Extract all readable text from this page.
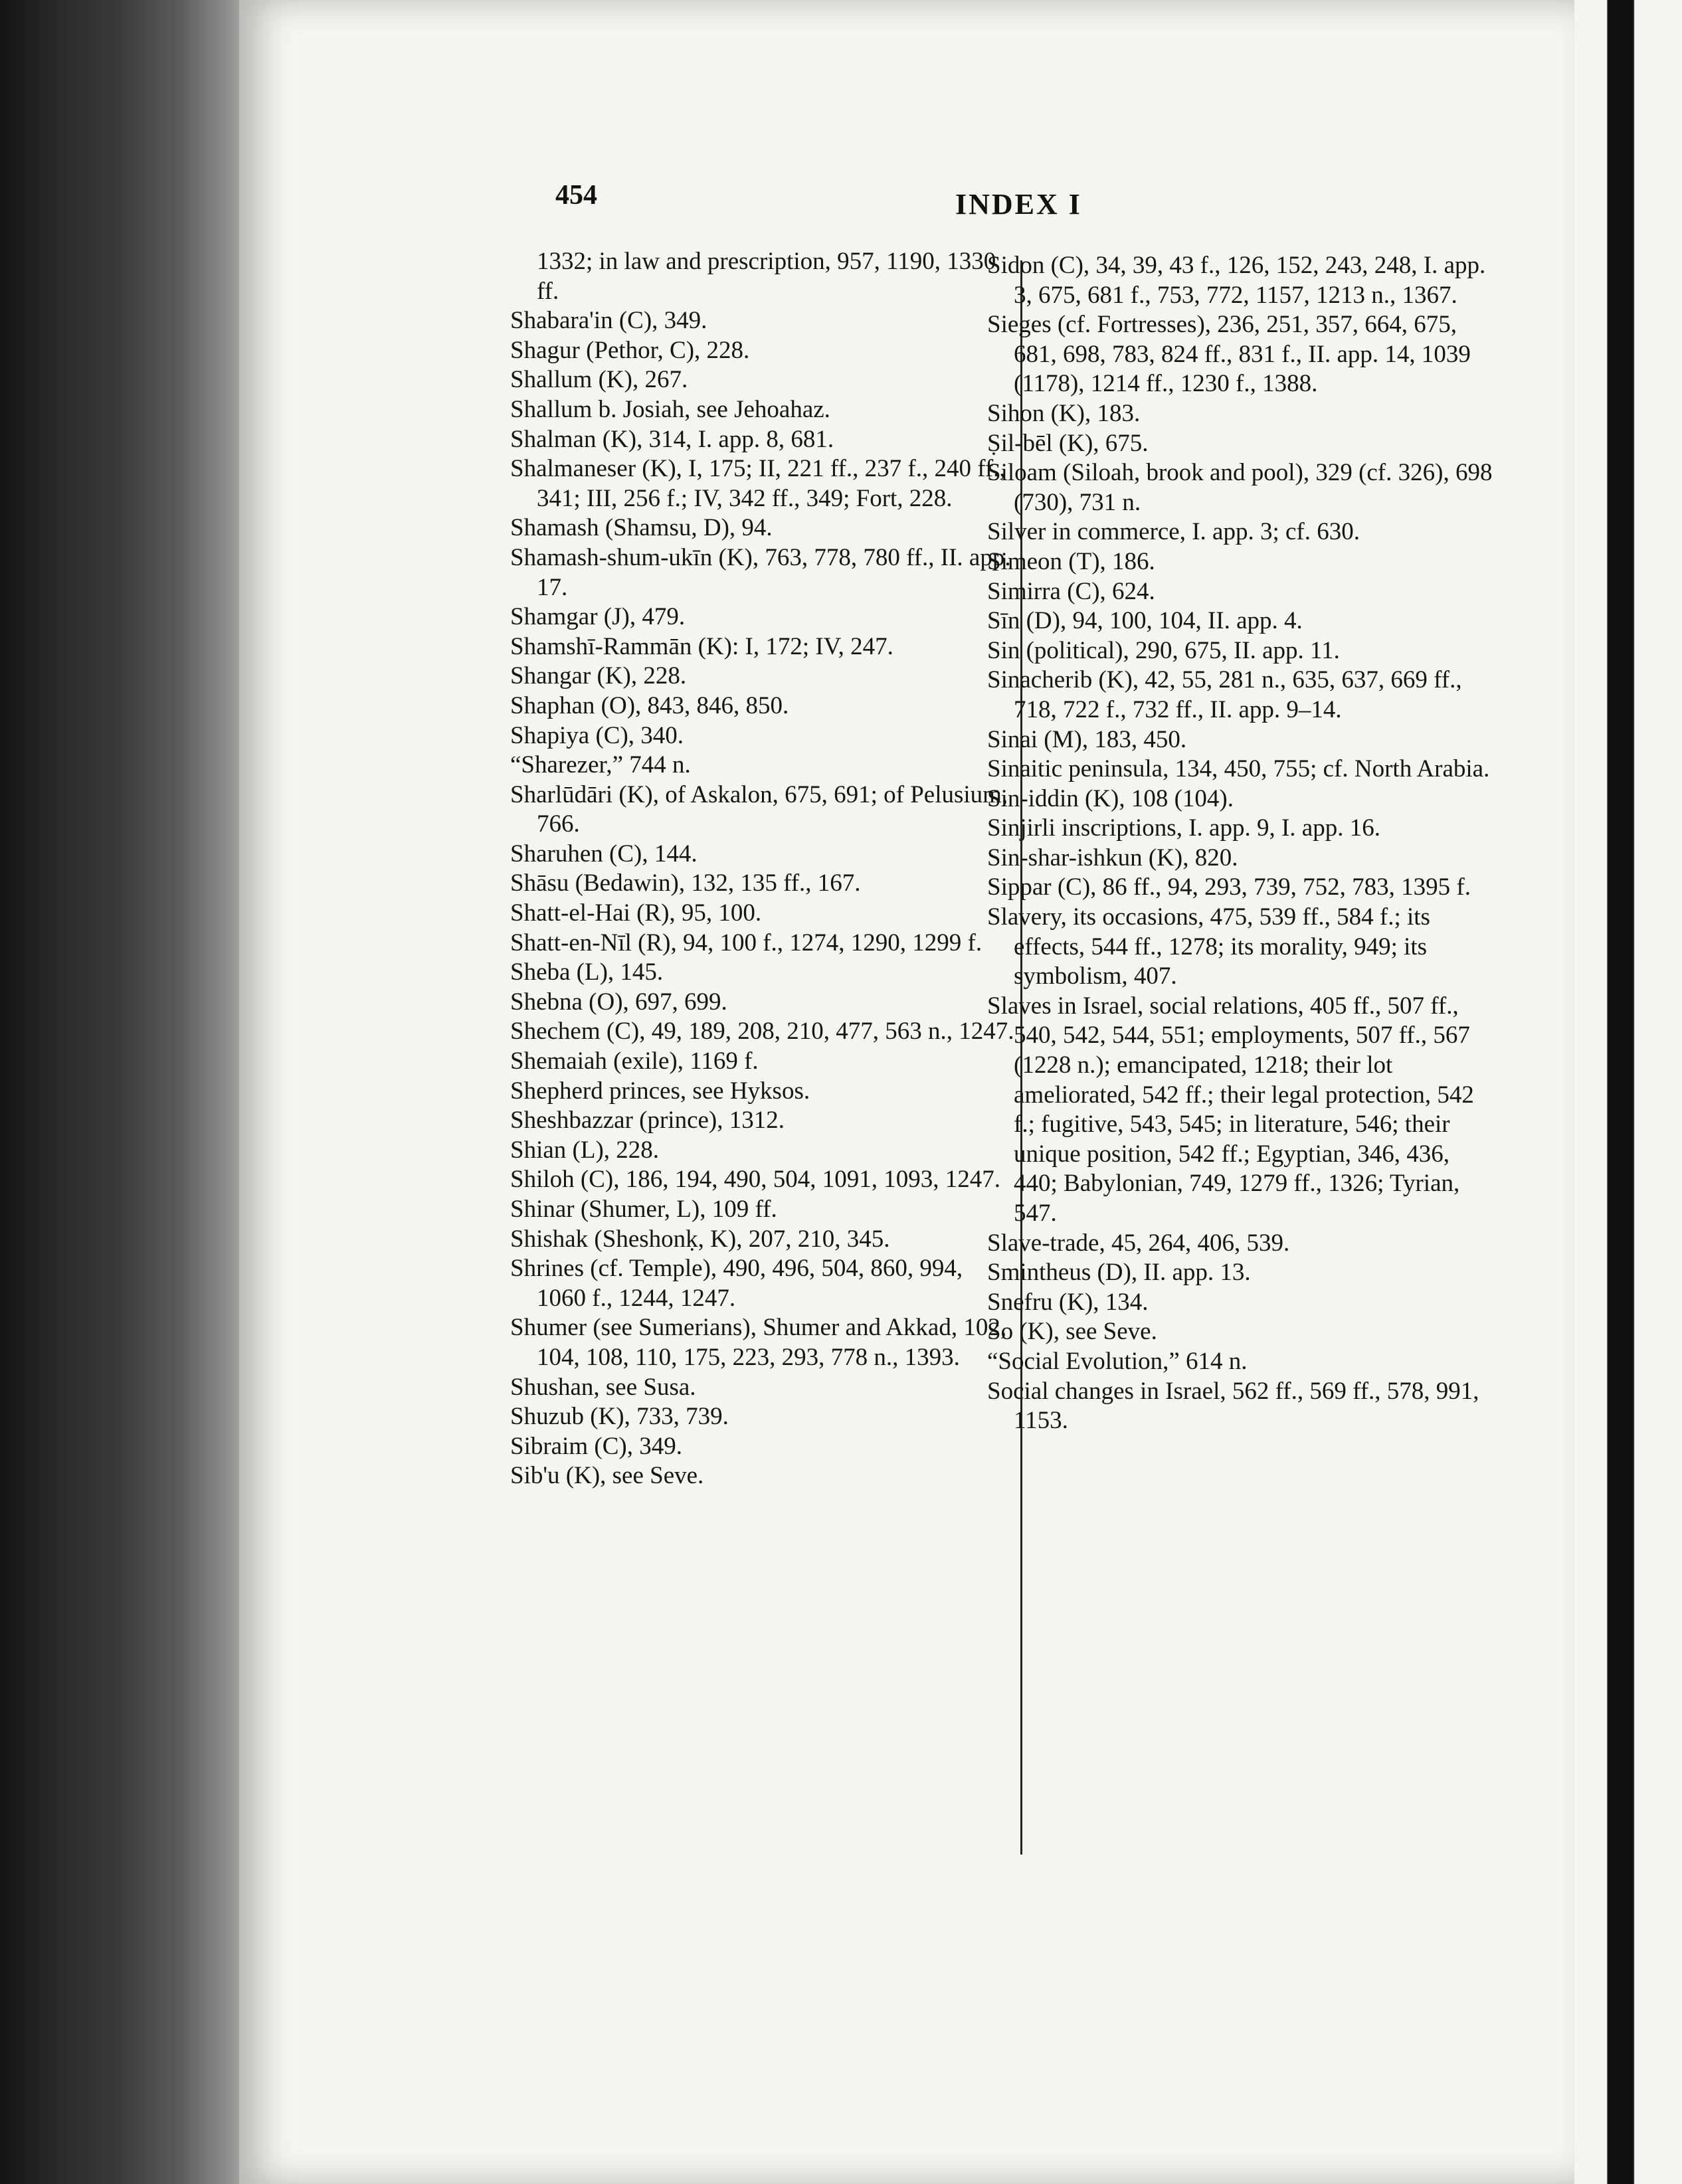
454	INDEX I

1332; in law and prescription, 957, 1190, 1330 ff.

Shabara'in (C), 349.

Shagur (Pethor, C), 228.

Shallum (K), 267.

Shallum b. Josiah, see Jehoahaz.

Shalman (K), 314, I. app. 8, 681.

Shalmaneser (K), I, 175; II, 221 ff., 237 f., 240 ff., 341; III, 256 f.; IV, 342 ff., 349; Fort, 228.

Shamash (Shamsu, D), 94.

Shamash-shum-ukīn (K), 763, 778, 780 ff., II. app. 17.

Shamgar (J), 479.

Shamshī-Rammān (K): I, 172; IV, 247.

Shangar (K), 228.

Shaphan (O), 843, 846, 850.

Shapiya (C), 340.

“Sharezer,” 744 n.

Sharlūdāri (K), of Askalon, 675, 691; of Pelusium, 766.

Sharuhen (C), 144.

Shāsu (Bedawin), 132, 135 ff., 167.

Shatt-el-Hai (R), 95, 100.

Shatt-en-Nīl (R), 94, 100 f., 1274, 1290, 1299 f.

Sheba (L), 145.

Shebna (O), 697, 699.

Shechem (C), 49, 189, 208, 210, 477, 563 n., 1247.

Shemaiah (exile), 1169 f.

Shepherd princes, see Hyksos.

Sheshbazzar (prince), 1312.

Shian (L), 228.

Shiloh (C), 186, 194, 490, 504, 1091, 1093, 1247.

Shinar (Shumer, L), 109 ff.

Shishak (Sheshonḳ, K), 207, 210, 345.

Shrines (cf. Temple), 490, 496, 504, 860, 994, 1060 f., 1244, 1247.

Shumer (see Sumerians), Shumer and Akkad, 102, 104, 108, 110, 175, 223, 293, 778 n., 1393.

Shushan, see Susa.

Shuzub (K), 733, 739.

Sibraim (C), 349.

Sib'u (K), see Seve.

Sidon (C), 34, 39, 43 f., 126, 152, 243, 248, I. app. 3, 675, 681 f., 753, 772, 1157, 1213 n., 1367.

Sieges (cf. Fortresses), 236, 251, 357, 664, 675, 681, 698, 783, 824 ff., 831 f., II. app. 14, 1039 (1178), 1214 ff., 1230 f., 1388.

Sihon (K), 183.

Ṣil-bēl (K), 675.

Siloam (Siloah, brook and pool), 329 (cf. 326), 698 (730), 731 n.

Silver in commerce, I. app. 3; cf. 630.

Simeon (T), 186.

Simirra (C), 624.

Sīn (D), 94, 100, 104, II. app. 4.

Sin (political), 290, 675, II. app. 11.

Sinacherib (K), 42, 55, 281 n., 635, 637, 669 ff., 718, 722 f., 732 ff., II. app. 9–14.

Sinai (M), 183, 450.

Sinaitic peninsula, 134, 450, 755; cf. North Arabia.

Sin-iddin (K), 108 (104).

Sinjirli inscriptions, I. app. 9, I. app. 16.

Sin-shar-ishkun (K), 820.

Sippar (C), 86 ff., 94, 293, 739, 752, 783, 1395 f.

Slavery, its occasions, 475, 539 ff., 584 f.; its effects, 544 ff., 1278; its morality, 949; its symbolism, 407.

Slaves in Israel, social relations, 405 ff., 507 ff., 540, 542, 544, 551; employments, 507 ff., 567 (1228 n.); emancipated, 1218; their lot ameliorated, 542 ff.; their legal protection, 542 f.; fugitive, 543, 545; in literature, 546; their unique position, 542 ff.; Egyptian, 346, 436, 440; Babylonian, 749, 1279 ff., 1326; Tyrian, 547.

Slave-trade, 45, 264, 406, 539.

Smintheus (D), II. app. 13.

Snefru (K), 134.

So (K), see Seve.

“Social Evolution,” 614 n.

Social changes in Israel, 562 ff., 569 ff., 578, 991, 1153.
